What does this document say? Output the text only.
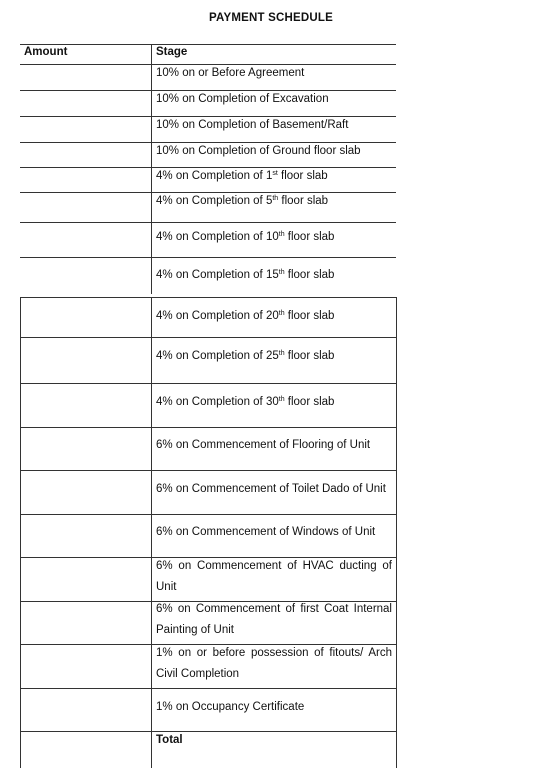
PAYMENT SCHEDULE
Amount	Stage
10% on or Before Agreement
10% on Completion of Excavation
10% on Completion of Basement/Raft
10% on Completion of Ground floor slab
4% on Completion of 1st floor slab
4% on Completion of 5th floor slab
4% on Completion of 10th floor slab
4% on Completion of 15th floor slab
4% on Completion of 20th floor slab
4% on Completion of 25th floor slab
4% on Completion of 30th floor slab
6% on Commencement of Flooring of Unit
6% on Commencement of Toilet Dado of Unit
6% on Commencement of Windows of Unit
6% on Commencement of HVAC ducting of
Unit
6% on Commencement of first Coat Internal
Painting of Unit
1% on or before possession of fitouts/ Arch
Civil Completion
1% on Occupancy Certificate
Total
